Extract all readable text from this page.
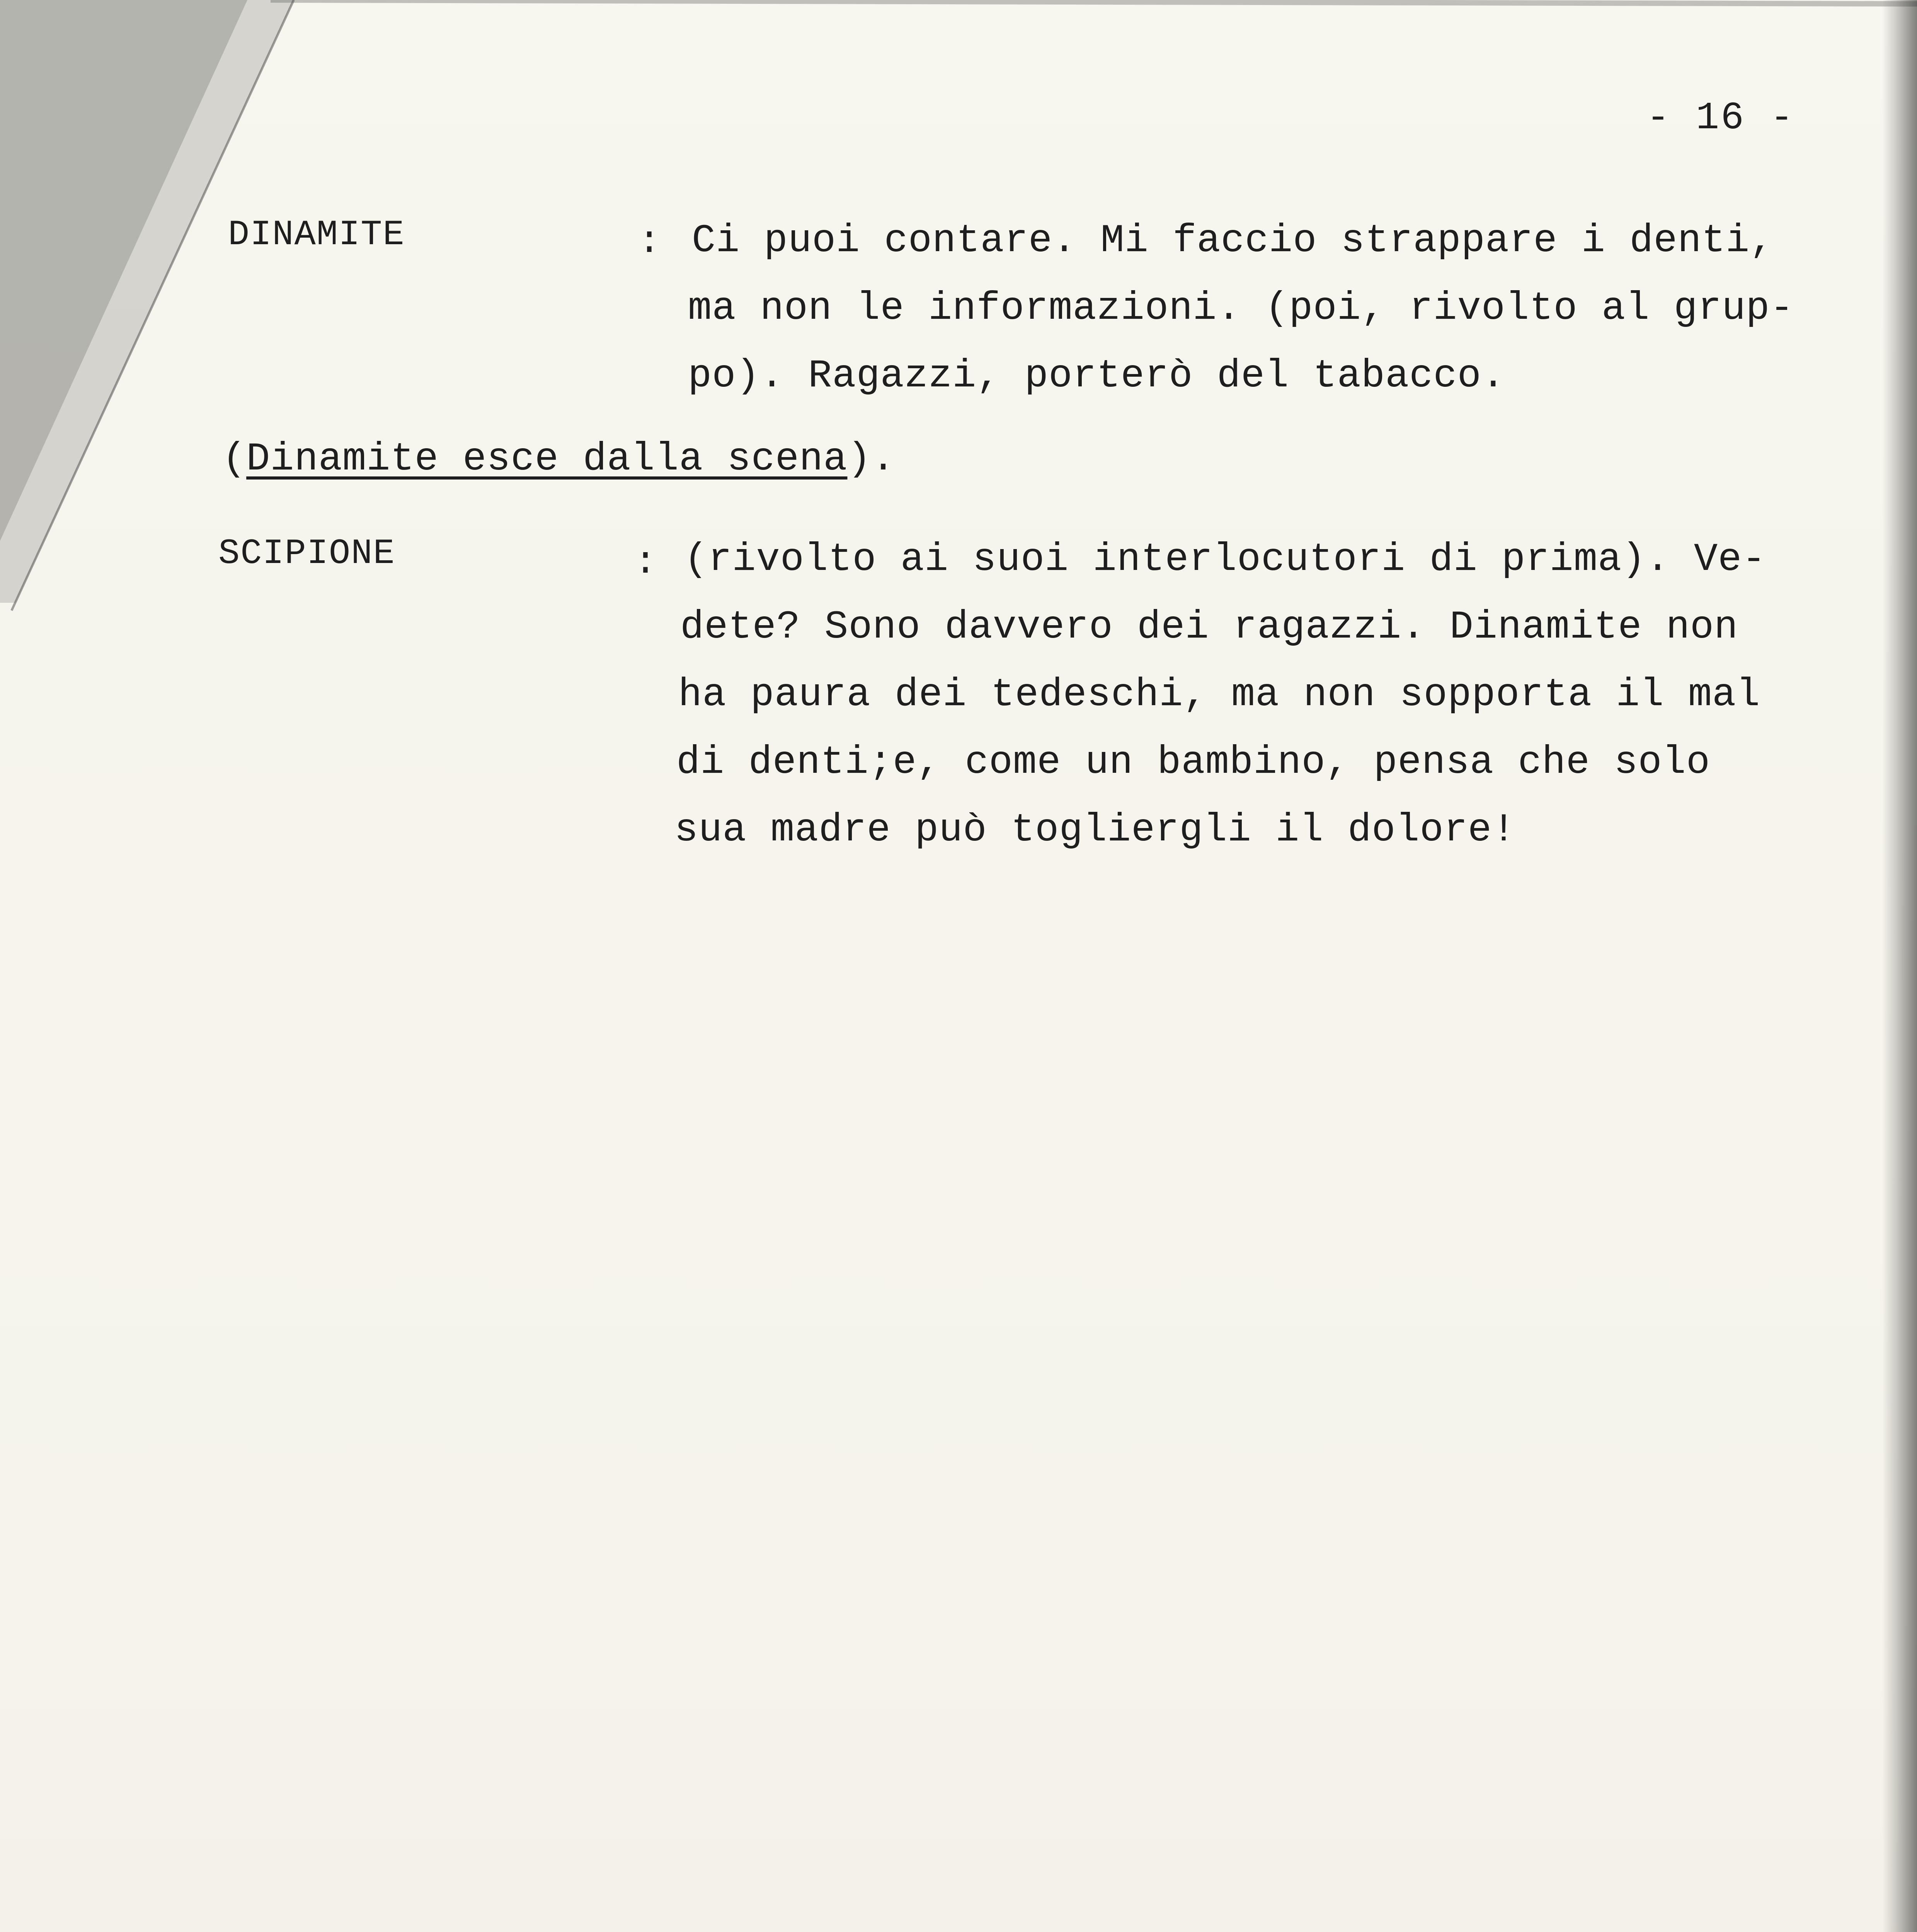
- 16 -
DINAMITE	: Ci puoi contare. Mi faccio strappare i denti,
ma non le informazioni. (poi, rivolto al grup-
po). Ragazzi, porterò del tabacco.
(Dinamite esce dalla scena).
SCIPIONE	: (rivolto ai suoi interlocutori di prima). Ve-
dete? Sono davvero dei ragazzi. Dinamite non
ha paura dei tedeschi, ma non sopporta il mal
di denti;e, come un bambino, pensa che solo
sua madre può togliergli il dolore!
